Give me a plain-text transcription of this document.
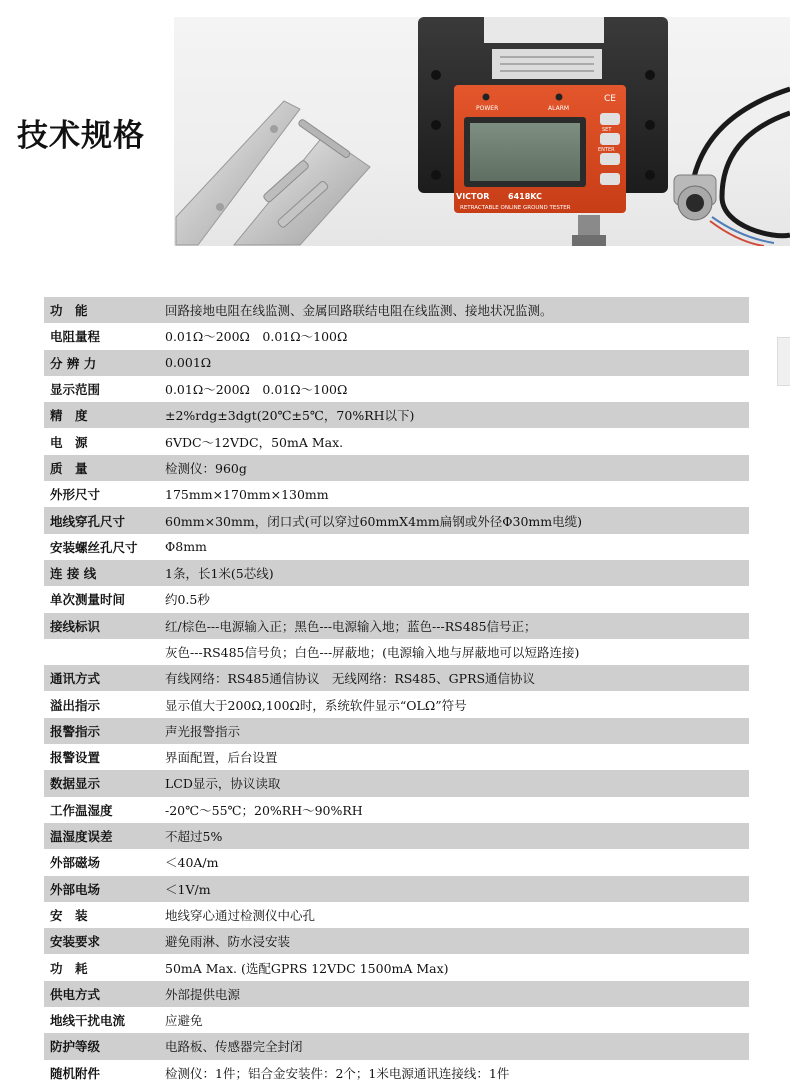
技术规格
POWER	ALARM
CE
SET
ENTER
VICTOR 6418KC
RETRACTABLE ONLINE GROUND TESTER
功　能	回路接地电阻在线监测、金属回路联结电阻在线监测、接地状况监测。
电阻量程	0.01Ω～200Ω　0.01Ω～100Ω
分 辨 力	0.001Ω
显示范围	0.01Ω～200Ω　0.01Ω～100Ω
精　度	±2%rdg±3dgt(20℃±5℃，70%RH以下)
电　源	6VDC～12VDC，50mA Max.
质　量	检测仪：960g
外形尺寸	175mm×170mm×130mm
地线穿孔尺寸	60mm×30mm，闭口式(可以穿过60mmX4mm扁钢或外径Φ30mm电缆)
安装螺丝孔尺寸 Φ8mm
连 接 线	1条，长1米(5芯线)
单次测量时间	约0.5秒
接线标识	红/棕色---电源输入正；黑色---电源输入地；蓝色---RS485信号正；
灰色---RS485信号负；白色---屏蔽地；(电源输入地与屏蔽地可以短路连接)
通讯方式	有线网络：RS485通信协议　无线网络：RS485、GPRS通信协议
溢出指示	显示值大于200Ω,100Ω时，系统软件显示“OLΩ”符号
报警指示	声光报警指示
报警设置	界面配置，后台设置
数据显示	LCD显示，协议读取
工作温湿度	-20℃～55℃；20%RH～90%RH
温湿度误差	不超过5%
外部磁场	＜40A/m
外部电场	＜1V/m
安　装	地线穿心通过检测仪中心孔
安装要求	避免雨淋、防水浸安装
功　耗	50mA Max. (选配GPRS 12VDC 1500mA Max)
供电方式	外部提供电源
地线干扰电流	应避免
防护等级	电路板、传感器完全封闭
随机附件	检测仪：1件；铝合金安装件：2个；1米电源通讯连接线：1件
